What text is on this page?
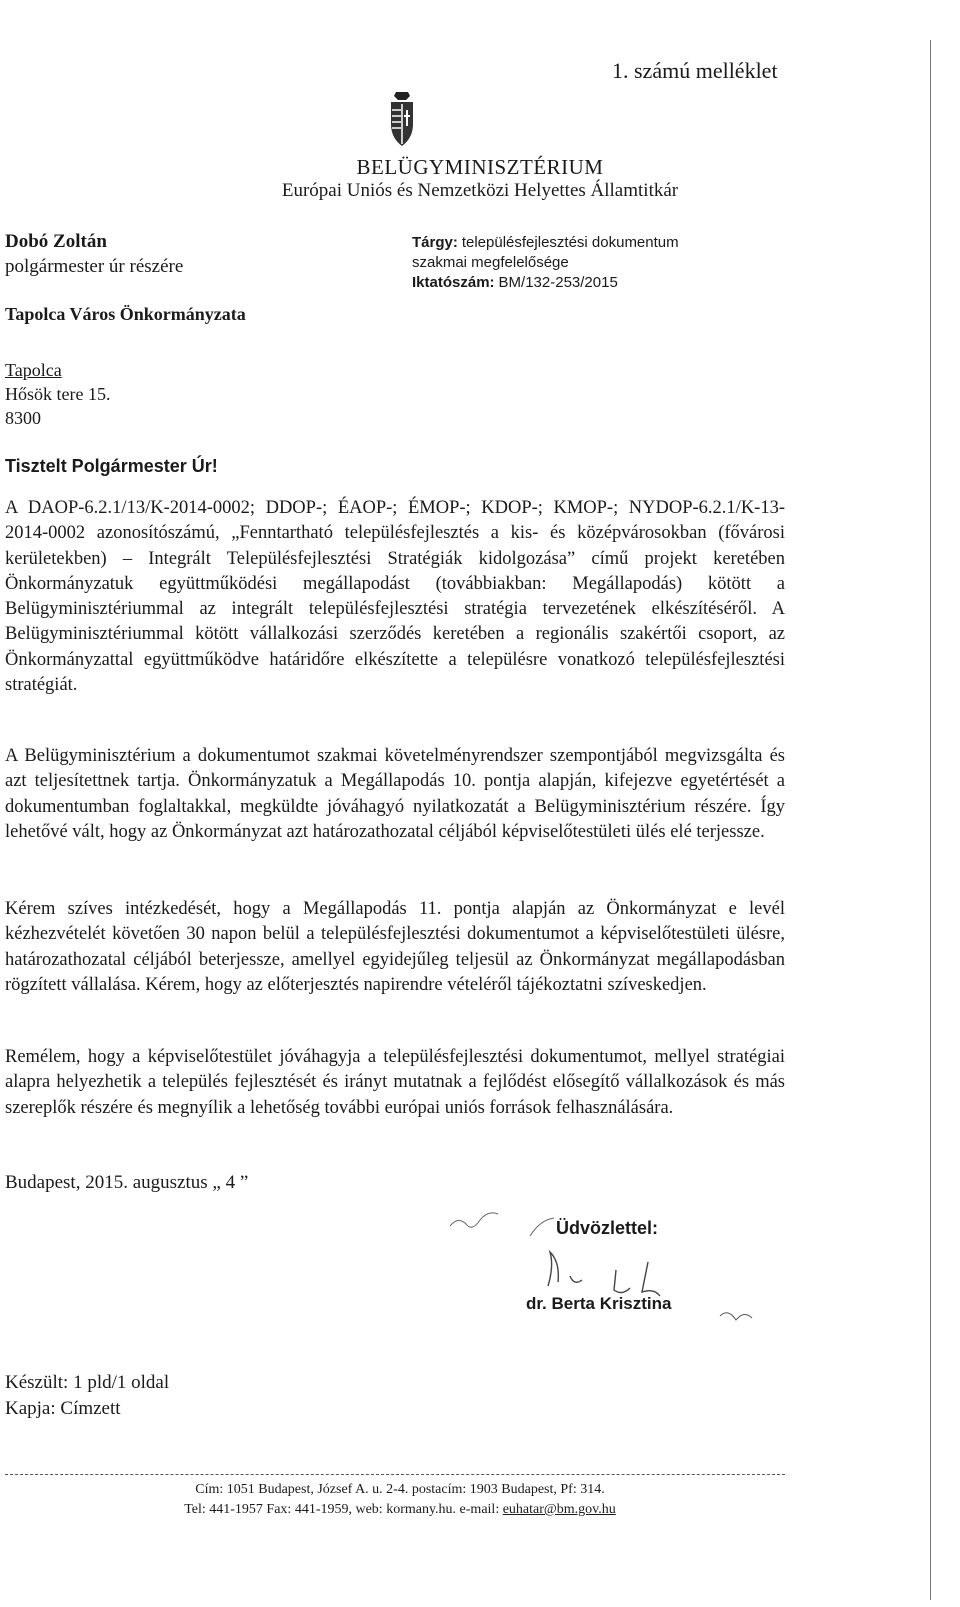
1. számú melléklet
BELÜGYMINISZTÉRIUM
Európai Uniós és Nemzetközi Helyettes Államtitkár
Dobó Zoltán
polgármester úr részére
Tapolca Város Önkormányzata
Tapolca
Hősök tere 15.
8300
Tárgy: településfejlesztési dokumentum
szakmai megfelelősége
Iktatószám: BM/132-253/2015
Tisztelt Polgármester Úr!
A DAOP-6.2.1/13/K-2014-0002; DDOP-; ÉAOP-; ÉMOP-; KDOP-; KMOP-; NYDOP-6.2.1/K-13-2014-0002 azonosítószámú, „Fenntartható településfejlesztés a kis- és középvárosokban (fővárosi kerületekben) – Integrált Településfejlesztési Stratégiák kidolgozása” című projekt keretében Önkormányzatuk együttműködési megállapodást (továbbiakban: Megállapodás) kötött a Belügyminisztériummal az integrált településfejlesztési stratégia tervezetének elkészítéséről. A Belügyminisztériummal kötött vállalkozási szerződés keretében a regionális szakértői csoport, az Önkormányzattal együttműködve határidőre elkészítette a településre vonatkozó településfejlesztési stratégiát.
A Belügyminisztérium a dokumentumot szakmai követelményrendszer szempontjából megvizsgálta és azt teljesítettnek tartja. Önkormányzatuk a Megállapodás 10. pontja alapján, kifejezve egyetértését a dokumentumban foglaltakkal, megküldte jóváhagyó nyilatkozatát a Belügyminisztérium részére. Így lehetővé vált, hogy az Önkormányzat azt határozathozatal céljából képviselőtestületi ülés elé terjessze.
Kérem szíves intézkedését, hogy a Megállapodás 11. pontja alapján az Önkormányzat e levél kézhezvételét követően 30 napon belül a településfejlesztési dokumentumot a képviselőtestületi ülésre, határozathozatal céljából beterjessze, amellyel egyidejűleg teljesül az Önkormányzat megállapodásban rögzített vállalása. Kérem, hogy az előterjesztés napirendre vételéről tájékoztatni szíveskedjen.
Remélem, hogy a képviselőtestület jóváhagyja a településfejlesztési dokumentumot, mellyel stratégiai alapra helyezhetik a település fejlesztését és irányt mutatnak a fejlődést elősegítő vállalkozások és más szereplők részére és megnyílik a lehetőség további európai uniós források felhasználására.
Budapest, 2015. augusztus „ 4 ”
Üdvözlettel:
dr. Berta Krisztina
Készült: 1 pld/1 oldal
Kapja: Címzett
Cím: 1051 Budapest, József A. u. 2-4. postacím: 1903 Budapest, Pf: 314.
Tel: 441-1957 Fax: 441-1959, web: kormany.hu. e-mail: euhatar@bm.gov.hu
